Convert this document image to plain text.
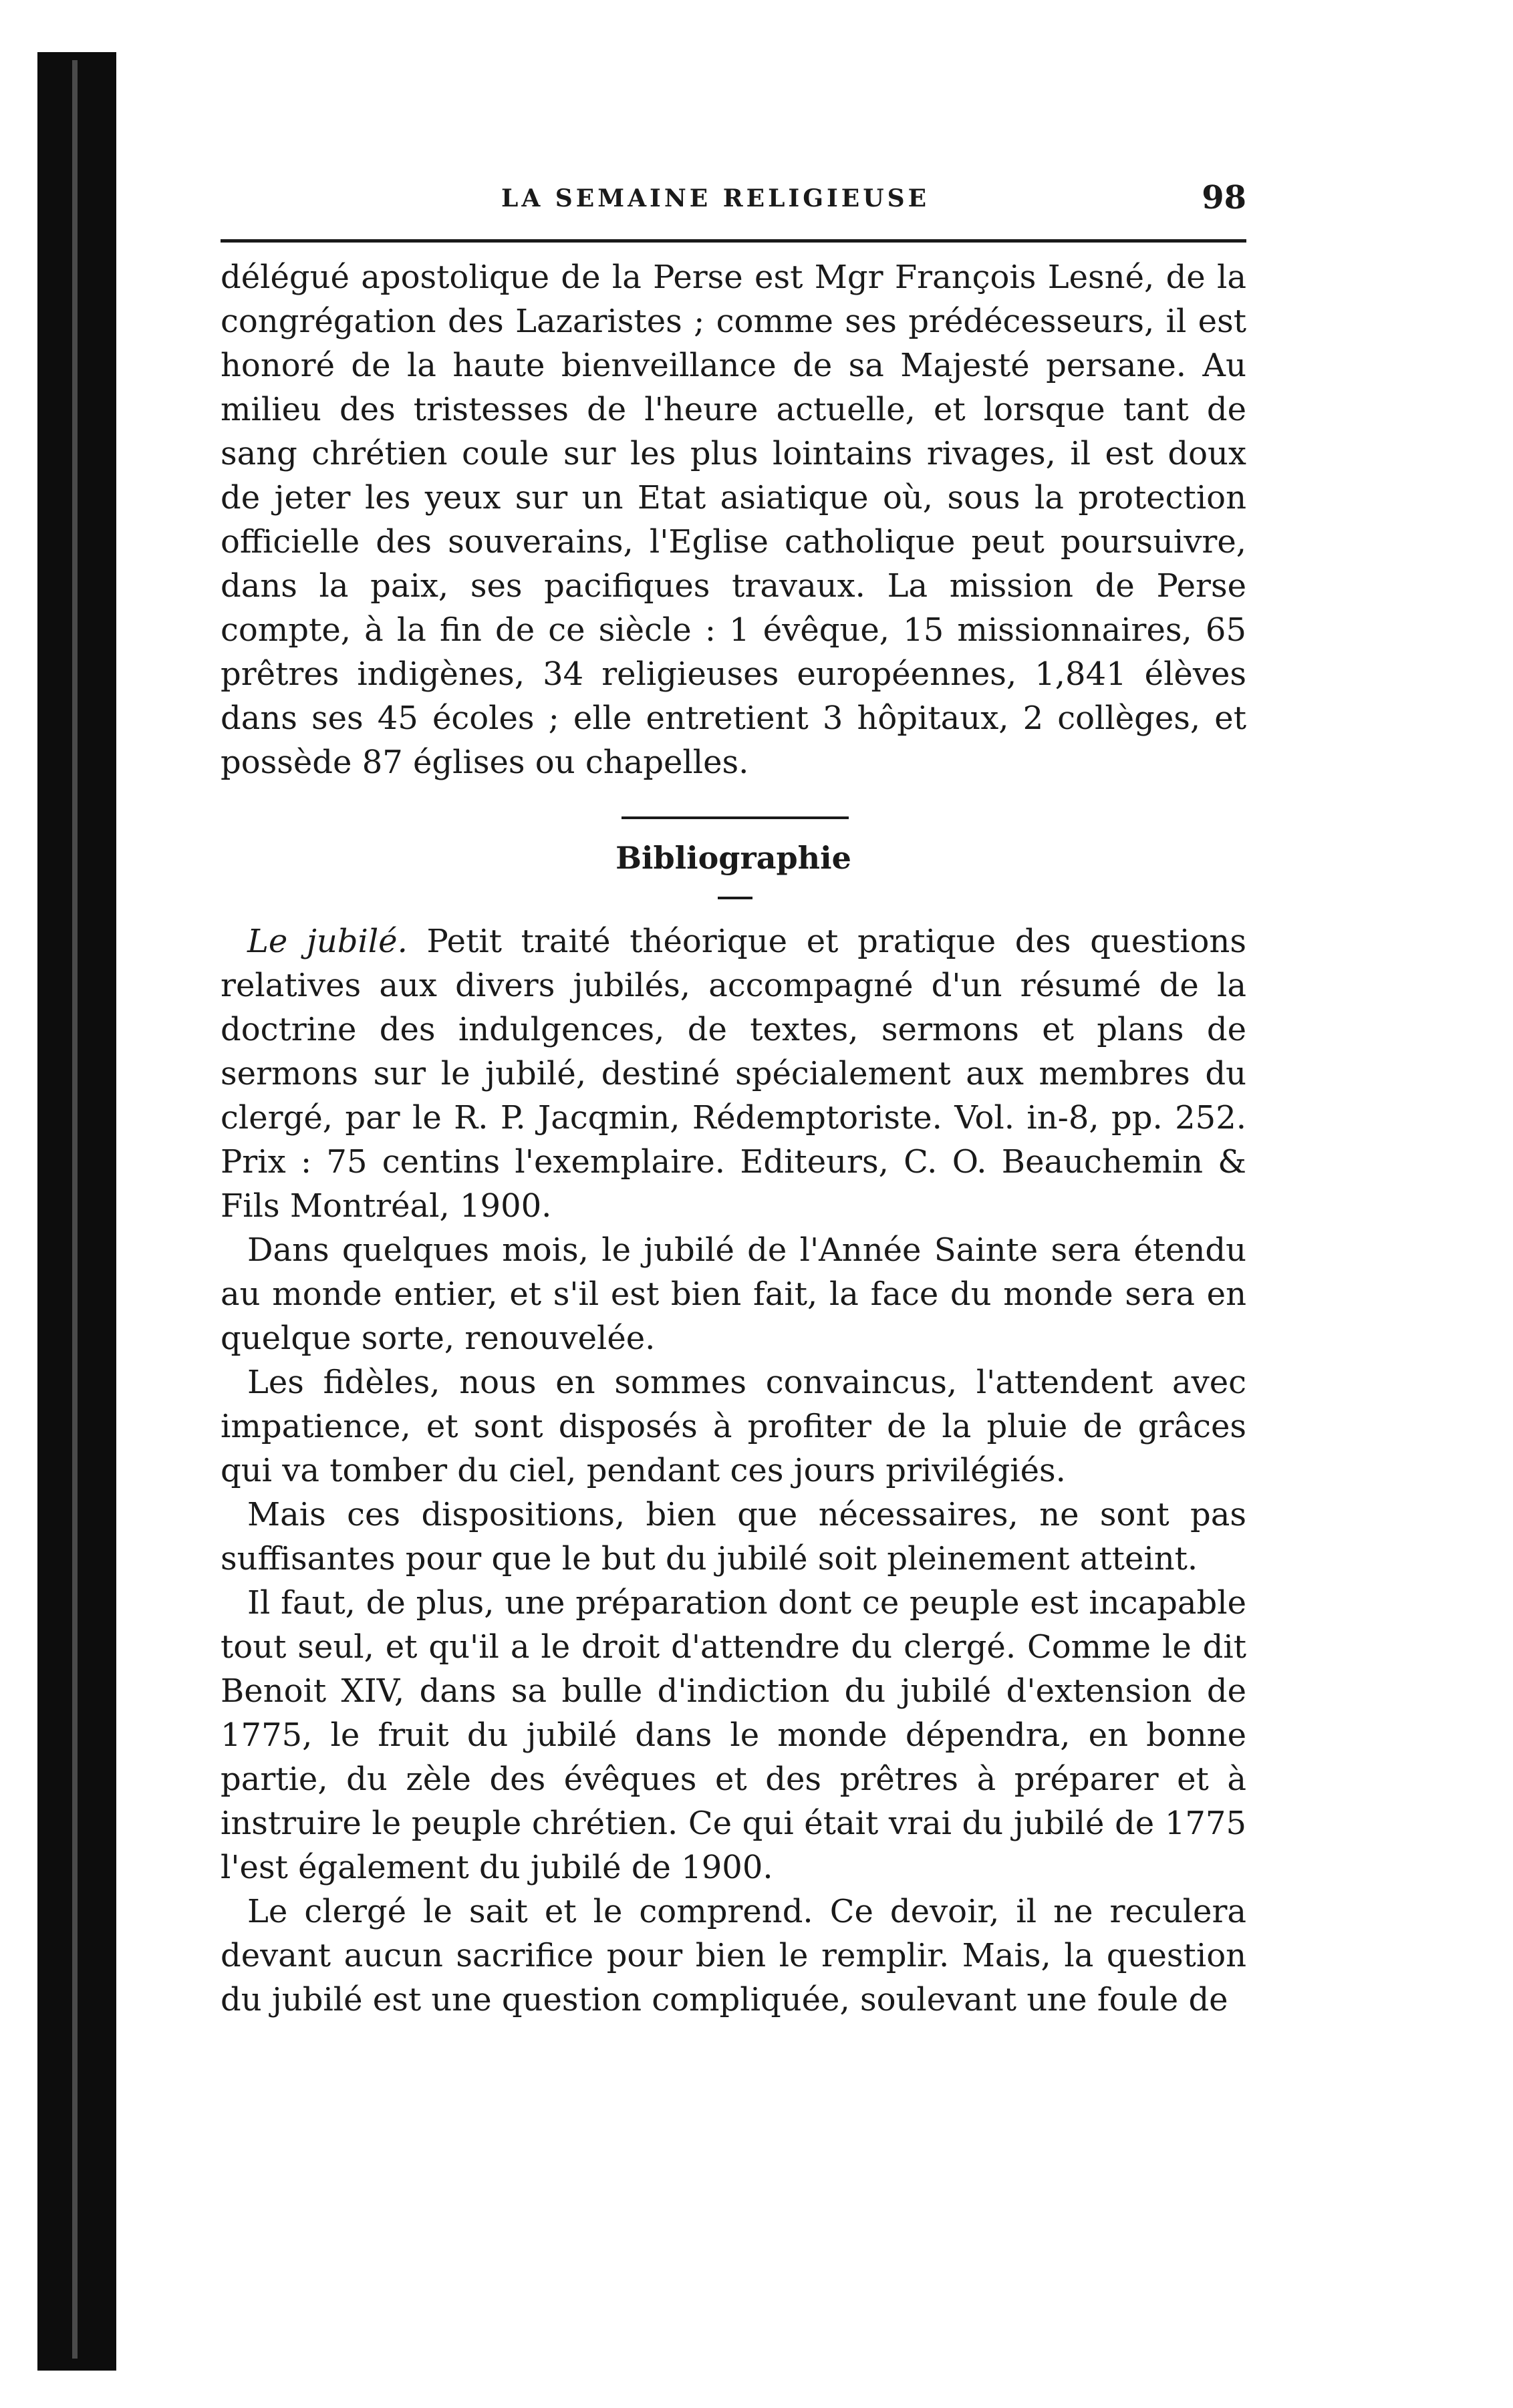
LA SEMAINE RELIGIEUSE	98

délégué apostolique de la Perse est Mgr François Lesné, de la congrégation des Lazaristes ; comme ses prédécesseurs, il est honoré de la haute bienveillance de sa Majesté persane. Au milieu des tristesses de l'heure actuelle, et lorsque tant de sang chrétien coule sur les plus lointains rivages, il est doux de jeter les yeux sur un Etat asiatique où, sous la protection officielle des souverains, l'Eglise catholique peut poursuivre, dans la paix, ses pacifiques travaux. La mission de Perse compte, à la fin de ce siècle : 1 évêque, 15 missionnaires, 65 prêtres indigènes, 34 religieuses européennes, 1,841 élèves dans ses 45 écoles ; elle entretient 3 hôpitaux, 2 collèges, et possède 87 églises ou chapelles.

Bibliographie

Le jubilé. Petit traité théorique et pratique des questions relatives aux divers jubilés, accompagné d'un résumé de la doctrine des indulgences, de textes, sermons et plans de sermons sur le jubilé, destiné spécialement aux membres du clergé, par le R. P. Jacqmin, Rédemptoriste. Vol. in-8, pp. 252. Prix : 75 centins l'exemplaire. Editeurs, C. O. Beauchemin & Fils Montréal, 1900.

Dans quelques mois, le jubilé de l'Année Sainte sera étendu au monde entier, et s'il est bien fait, la face du monde sera en quelque sorte, renouvelée.

Les fidèles, nous en sommes convaincus, l'attendent avec impatience, et sont disposés à profiter de la pluie de grâces qui va tomber du ciel, pendant ces jours privilégiés.

Mais ces dispositions, bien que nécessaires, ne sont pas suffisantes pour que le but du jubilé soit pleinement atteint.

Il faut, de plus, une préparation dont ce peuple est incapable tout seul, et qu'il a le droit d'attendre du clergé. Comme le dit Benoit XIV, dans sa bulle d'indiction du jubilé d'extension de 1775, le fruit du jubilé dans le monde dépendra, en bonne partie, du zèle des évêques et des prêtres à préparer et à instruire le peuple chrétien. Ce qui était vrai du jubilé de 1775 l'est également du jubilé de 1900.

Le clergé le sait et le comprend. Ce devoir, il ne reculera devant aucun sacrifice pour bien le remplir. Mais, la question du jubilé est une question compliquée, soulevant une foule de
